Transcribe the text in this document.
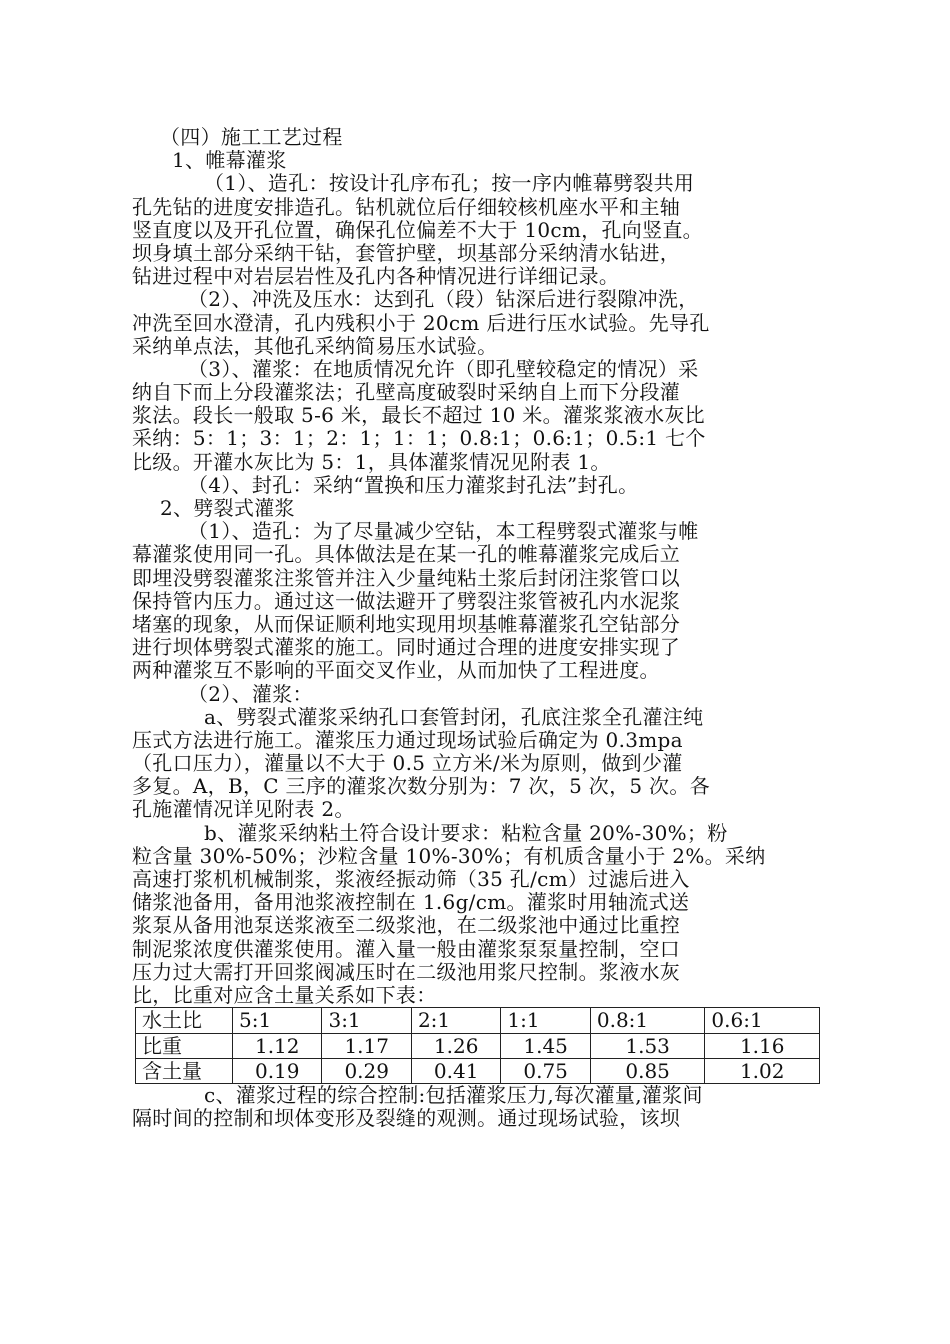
（四）施工工艺过程
1、帷幕灌浆
（1）、造孔：按设计孔序布孔；按一序内帷幕劈裂共用
孔先钻的进度安排造孔。钻机就位后仔细较核机座水平和主轴
竖直度以及开孔位置，确保孔位偏差不大于 10cm，孔向竖直。
坝身填土部分采纳干钻，套管护壁，坝基部分采纳清水钻进，
钻进过程中对岩层岩性及孔内各种情况进行详细记录。
（2）、冲洗及压水：达到孔（段）钻深后进行裂隙冲洗，
冲洗至回水澄清，孔内残积小于 20cm 后进行压水试验。先导孔
采纳单点法，其他孔采纳简易压水试验。
（3）、灌浆：在地质情况允许（即孔壁较稳定的情况）采
纳自下而上分段灌浆法；孔壁高度破裂时采纳自上而下分段灌
浆法。段长一般取 5-6 米，最长不超过 10 米。灌浆浆液水灰比
采纳：5：1；3：1；2：1；1：1；0.8:1；0.6:1；0.5:1 七个
比级。开灌水灰比为 5：1，具体灌浆情况见附表 1。
（4）、封孔：采纳“置换和压力灌浆封孔法”封孔。
2、劈裂式灌浆
（1）、造孔：为了尽量减少空钻，本工程劈裂式灌浆与帷
幕灌浆使用同一孔。具体做法是在某一孔的帷幕灌浆完成后立
即埋没劈裂灌浆注浆管并注入少量纯粘土浆后封闭注浆管口以
保持管内压力。通过这一做法避开了劈裂注浆管被孔内水泥浆
堵塞的现象，从而保证顺利地实现用坝基帷幕灌浆孔空钻部分
进行坝体劈裂式灌浆的施工。同时通过合理的进度安排实现了
两种灌浆互不影响的平面交叉作业，从而加快了工程进度。
（2）、灌浆：
a、劈裂式灌浆采纳孔口套管封闭，孔底注浆全孔灌注纯
压式方法进行施工。灌浆压力通过现场试验后确定为 0.3mpa
（孔口压力），灌量以不大于 0.5 立方米/米为原则，做到少灌
多复。A，B，C 三序的灌浆次数分别为：7 次，5 次，5 次。各
孔施灌情况详见附表 2。
b、灌浆采纳粘土符合设计要求：粘粒含量 20%-30%；粉
粒含量 30%-50%；沙粒含量 10%-30%；有机质含量小于 2%。采纳
高速打浆机机械制浆，浆液经振动筛（35 孔/cm）过滤后进入
储浆池备用，备用池浆液控制在 1.6g/cm。灌浆时用轴流式送
浆泵从备用池泵送浆液至二级浆池，在二级浆池中通过比重控
制泥浆浓度供灌浆使用。灌入量一般由灌浆泵泵量控制，空口
压力过大需打开回浆阀减压时在二级池用浆尺控制。浆液水灰
比，比重对应含土量关系如下表：
水土比	5:1	3:1	2:1	1:1	0.8:1	0.6:1
比重	1.12	1.17	1.26	1.45	1.53	1.16
含土量	0.19	0.29	0.41	0.75	0.85	1.02
c、灌浆过程的综合控制:包括灌浆压力,每次灌量,灌浆间
隔时间的控制和坝体变形及裂缝的观测。通过现场试验，该坝
